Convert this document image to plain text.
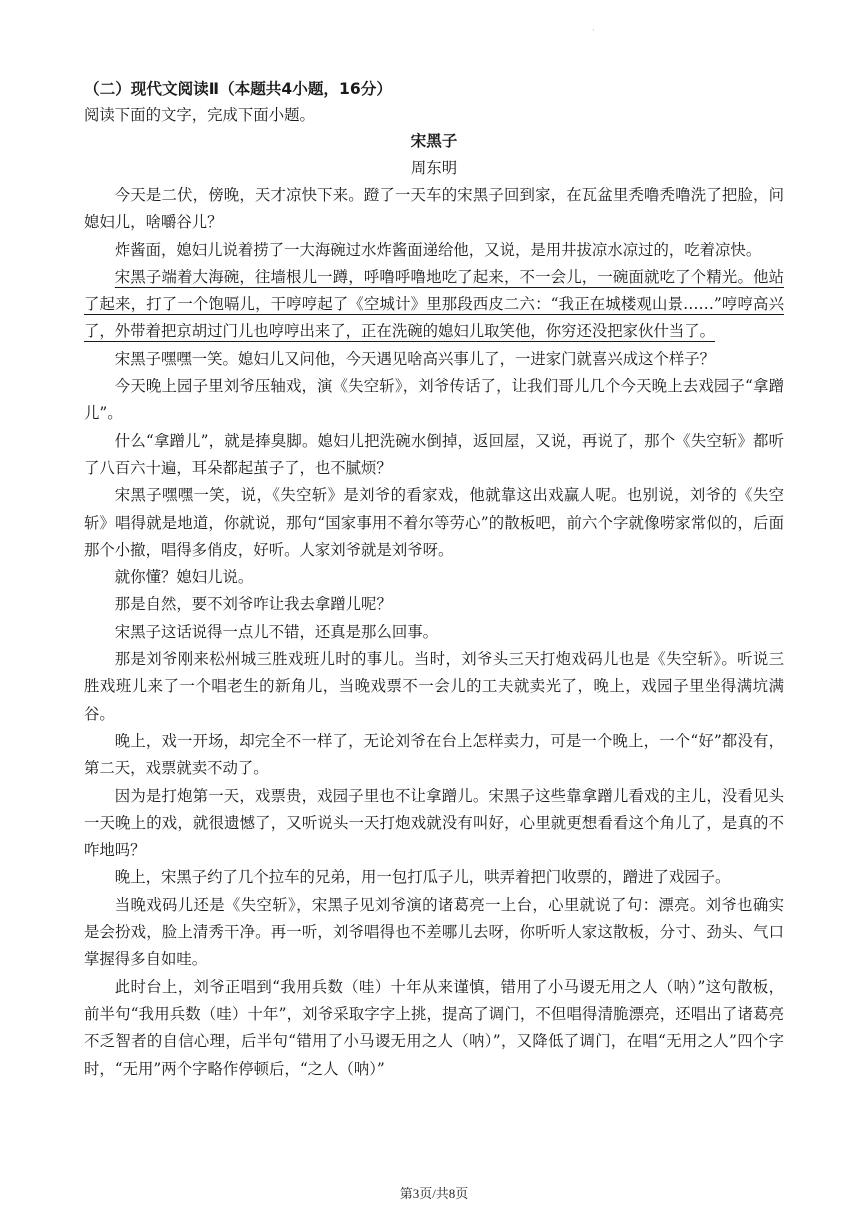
·

（二）现代文阅读Ⅱ（本题共4小题，16分）

阅读下面的文字，完成下面小题。

宋黑子

周东明

今天是二伏，傍晚，天才凉快下来。蹬了一天车的宋黑子回到家，在瓦盆里秃噜秃噜洗了把脸，问媳妇儿，啥嚼谷儿？

炸酱面，媳妇儿说着捞了一大海碗过水炸酱面递给他，又说，是用井拔凉水凉过的，吃着凉快。

宋黑子端着大海碗，往墙根儿一蹲，呼噜呼噜地吃了起来，不一会儿，一碗面就吃了个精光。他站了起来，打了一个饱嗝儿，干哼哼起了《空城计》里那段西皮二六：“我正在城楼观山景……”哼哼高兴了，外带着把京胡过门儿也哼哼出来了，正在洗碗的媳妇儿取笑他，你穷还没把家伙什当了。

宋黑子嘿嘿一笑。媳妇儿又问他，今天遇见啥高兴事儿了，一进家门就喜兴成这个样子？

今天晚上园子里刘爷压轴戏，演《失空斩》，刘爷传话了，让我们哥儿几个今天晚上去戏园子“拿蹭儿”。

什么“拿蹭儿”，就是捧臭脚。媳妇儿把洗碗水倒掉，返回屋，又说，再说了，那个《失空斩》都听了八百六十遍，耳朵都起茧子了，也不腻烦？

宋黑子嘿嘿一笑，说，《失空斩》是刘爷的看家戏，他就靠这出戏赢人呢。也别说，刘爷的《失空斩》唱得就是地道，你就说，那句“国家事用不着尔等劳心”的散板吧，前六个字就像唠家常似的，后面那个小撤，唱得多俏皮，好听。人家刘爷就是刘爷呀。

就你懂？媳妇儿说。

那是自然，要不刘爷咋让我去拿蹭儿呢？

宋黑子这话说得一点儿不错，还真是那么回事。

那是刘爷刚来松州城三胜戏班儿时的事儿。当时，刘爷头三天打炮戏码儿也是《失空斩》。听说三胜戏班儿来了一个唱老生的新角儿，当晚戏票不一会儿的工夫就卖光了，晚上，戏园子里坐得满坑满谷。

晚上，戏一开场，却完全不一样了，无论刘爷在台上怎样卖力，可是一个晚上，一个“好”都没有，第二天，戏票就卖不动了。

因为是打炮第一天，戏票贵，戏园子里也不让拿蹭儿。宋黑子这些靠拿蹭儿看戏的主儿，没看见头一天晚上的戏，就很遗憾了，又听说头一天打炮戏就没有叫好，心里就更想看看这个角儿了，是真的不咋地吗？

晚上，宋黑子约了几个拉车的兄弟，用一包打瓜子儿，哄弄着把门收票的，蹭进了戏园子。

当晚戏码儿还是《失空斩》，宋黑子见刘爷演的诸葛亮一上台，心里就说了句：漂亮。刘爷也确实是会扮戏，脸上清秀干净。再一听，刘爷唱得也不差哪儿去呀，你听听人家这散板，分寸、劲头、气口掌握得多自如哇。

此时台上，刘爷正唱到“我用兵数（哇）十年从来谨慎，错用了小马谡无用之人（呐）”这句散板，前半句“我用兵数（哇）十年”，刘爷采取字字上挑，提高了调门，不但唱得清脆漂亮，还唱出了诸葛亮不乏智者的自信心理，后半句“错用了小马谡无用之人（呐）”，又降低了调门，在唱“无用之人”四个字时，“无用”两个字略作停顿后，“之人（呐）”

第3页/共8页
